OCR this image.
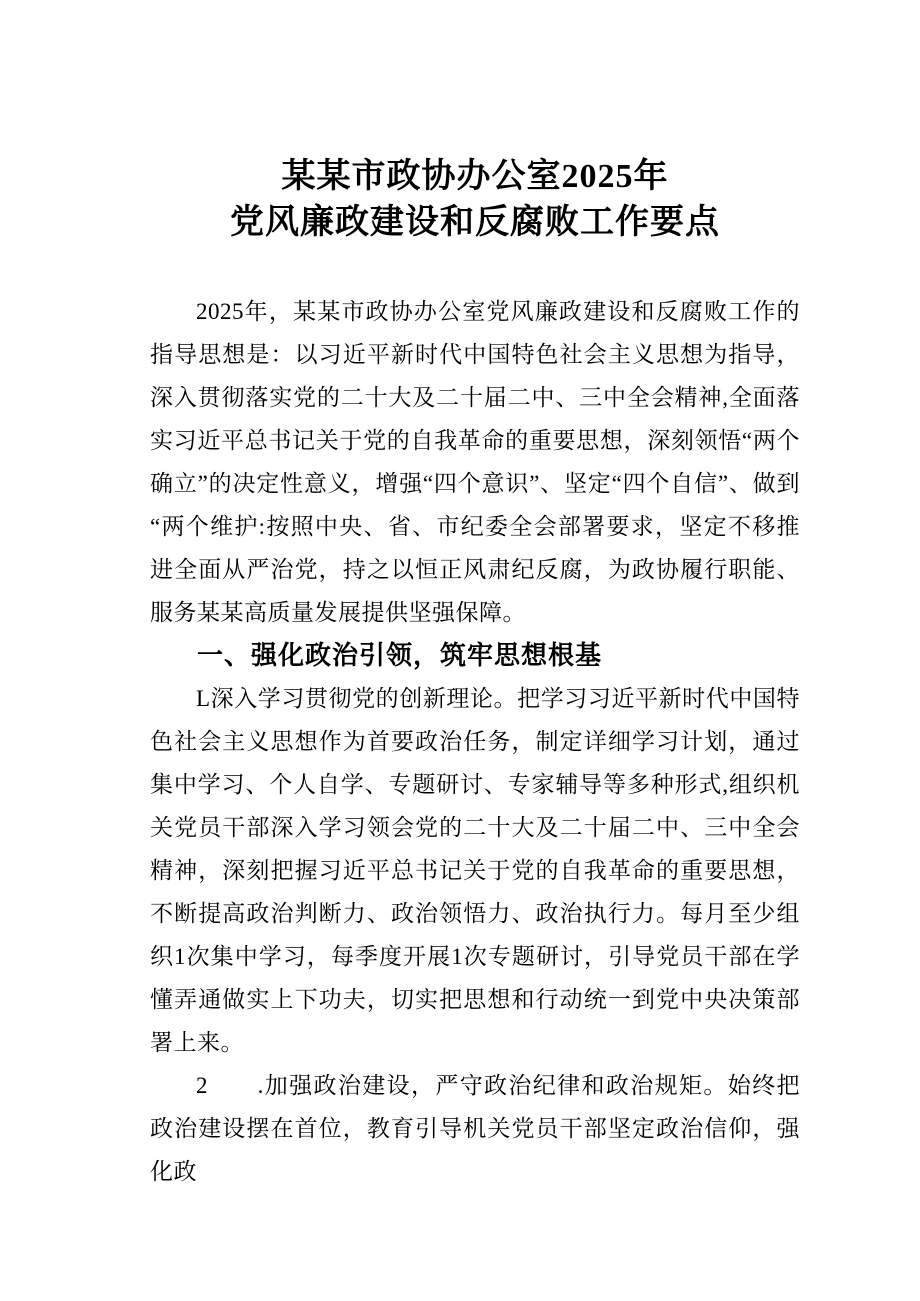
某某市政协办公室2025年
党风廉政建设和反腐败工作要点

2025年，某某市政协办公室党风廉政建设和反腐败工作的指导思想是：以习近平新时代中国特色社会主义思想为指导，深入贯彻落实党的二十大及二十届二中、三中全会精神,全面落实习近平总书记关于党的自我革命的重要思想，深刻领悟“两个确立”的决定性意义，增强“四个意识”、坚定“四个自信”、做到“两个维护:按照中央、省、市纪委全会部署要求，坚定不移推进全面从严治党，持之以恒正风肃纪反腐，为政协履行职能、服务某某高质量发展提供坚强保障。

一、强化政治引领，筑牢思想根基

L深入学习贯彻党的创新理论。把学习习近平新时代中国特色社会主义思想作为首要政治任务，制定详细学习计划，通过集中学习、个人自学、专题研讨、专家辅导等多种形式,组织机关党员干部深入学习领会党的二十大及二十届二中、三中全会精神，深刻把握习近平总书记关于党的自我革命的重要思想，不断提高政治判断力、政治领悟力、政治执行力。每月至少组织1次集中学习，每季度开展1次专题研讨，引导党员干部在学懂弄通做实上下功夫，切实把思想和行动统一到党中央决策部署上来。

2　　.加强政治建设，严守政治纪律和政治规矩。始终把政治建设摆在首位，教育引导机关党员干部坚定政治信仰，强化政
